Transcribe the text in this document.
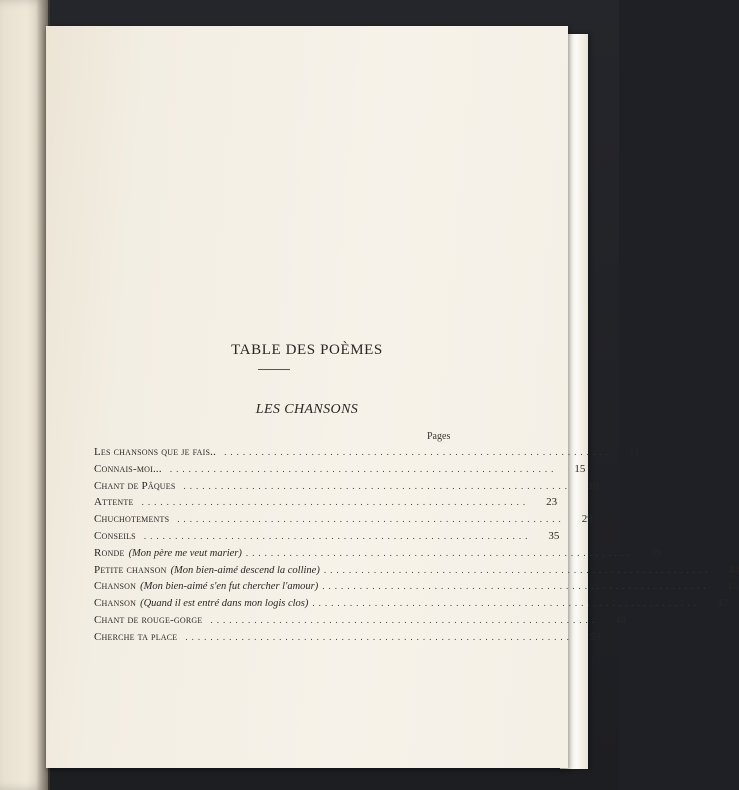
TABLE DES POÈMES
LES CHANSONS
Pages
Les chansons que je fais.. ..............................................................	11
Connais-moi... ..............................................................	15
Chant de Pâques ..............................................................	19
Attente ..............................................................	23
Chuchotements ..............................................................	29
Conseils ..............................................................	35
Ronde (Mon père me veut marier) ..............................................................	39
Petite chanson (Mon bien-aimé descend la colline) ..............................................................	43
Chanson (Mon bien-aimé s'en fut chercher l'amour) ..............................................................	45
Chanson (Quand il est entré dans mon logis clos) ..............................................................	47
Chant de rouge-gorge ..............................................................	49
Cherche ta place ..............................................................	53
